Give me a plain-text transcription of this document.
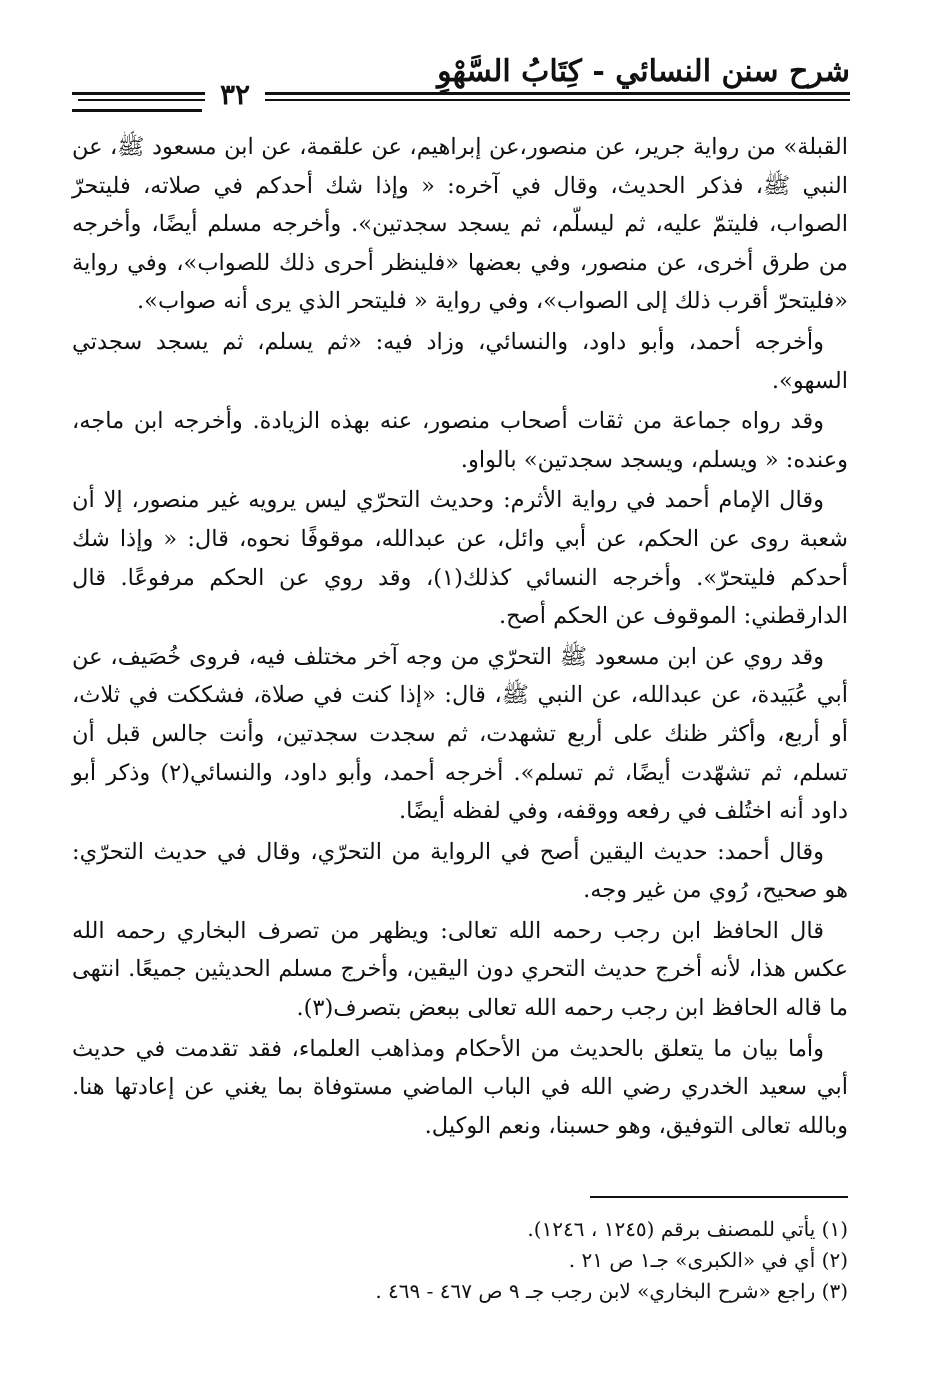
شرح سنن النسائي - كِتَابُ السَّهْوِ
٣٢

القبلة» من رواية جرير، عن منصور،عن إبراهيم، عن علقمة، عن ابن مسعود ﷺ، عن النبي ﷺ، فذكر الحديث، وقال في آخره: « وإذا شك أحدكم في صلاته، فليتحرّ الصواب، فليتمّ عليه، ثم ليسلّم، ثم يسجد سجدتين». وأخرجه مسلم أيضًا، وأخرجه من طرق أخرى، عن منصور، وفي بعضها «فلينظر أحرى ذلك للصواب»، وفي رواية «فليتحرّ أقرب ذلك إلى الصواب»، وفي رواية « فليتحر الذي يرى أنه صواب».

وأخرجه أحمد، وأبو داود، والنسائي، وزاد فيه: «ثم يسلم، ثم يسجد سجدتي السهو».

وقد رواه جماعة من ثقات أصحاب منصور، عنه بهذه الزيادة. وأخرجه ابن ماجه، وعنده: « ويسلم، ويسجد سجدتين» بالواو.

وقال الإمام أحمد في رواية الأثرم: وحديث التحرّي ليس يرويه غير منصور، إلا أن شعبة روى عن الحكم، عن أبي وائل، عن عبدالله، موقوفًا نحوه، قال: « وإذا شك أحدكم فليتحرّ». وأخرجه النسائي كذلك(١)، وقد روي عن الحكم مرفوعًا. قال الدارقطني: الموقوف عن الحكم أصح.

وقد روي عن ابن مسعود ﷺ التحرّي من وجه آخر مختلف فيه، فروى خُصَيف، عن أبي عُبَيدة، عن عبدالله، عن النبي ﷺ، قال: «إذا كنت في صلاة، فشككت في ثلاث، أو أربع، وأكثر ظنك على أربع تشهدت، ثم سجدت سجدتين، وأنت جالس قبل أن تسلم، ثم تشهّدت أيضًا، ثم تسلم». أخرجه أحمد، وأبو داود، والنسائي(٢) وذكر أبو داود أنه اختُلف في رفعه ووقفه، وفي لفظه أيضًا.

وقال أحمد: حديث اليقين أصح في الرواية من التحرّي، وقال في حديث التحرّي: هو صحيح، رُوي من غير وجه.

قال الحافظ ابن رجب رحمه الله تعالى: ويظهر من تصرف البخاري رحمه الله عكس هذا، لأنه أخرج حديث التحري دون اليقين، وأخرج مسلم الحديثين جميعًا. انتهى ما قاله الحافظ ابن رجب رحمه الله تعالى ببعض بتصرف(٣).

وأما بيان ما يتعلق بالحديث من الأحكام ومذاهب العلماء، فقد تقدمت في حديث أبي سعيد الخدري رضي الله في الباب الماضي مستوفاة بما يغني عن إعادتها هنا. وبالله تعالى التوفيق، وهو حسبنا، ونعم الوكيل.

(١) يأتي للمصنف برقم (١٢٤٥ ، ١٢٤٦).

(٢) أي في «الكبرى» جـ١ ص ٢١ .

(٣) راجع «شرح البخاري» لابن رجب جـ ٩ ص ٤٦٧ - ٤٦٩ .
